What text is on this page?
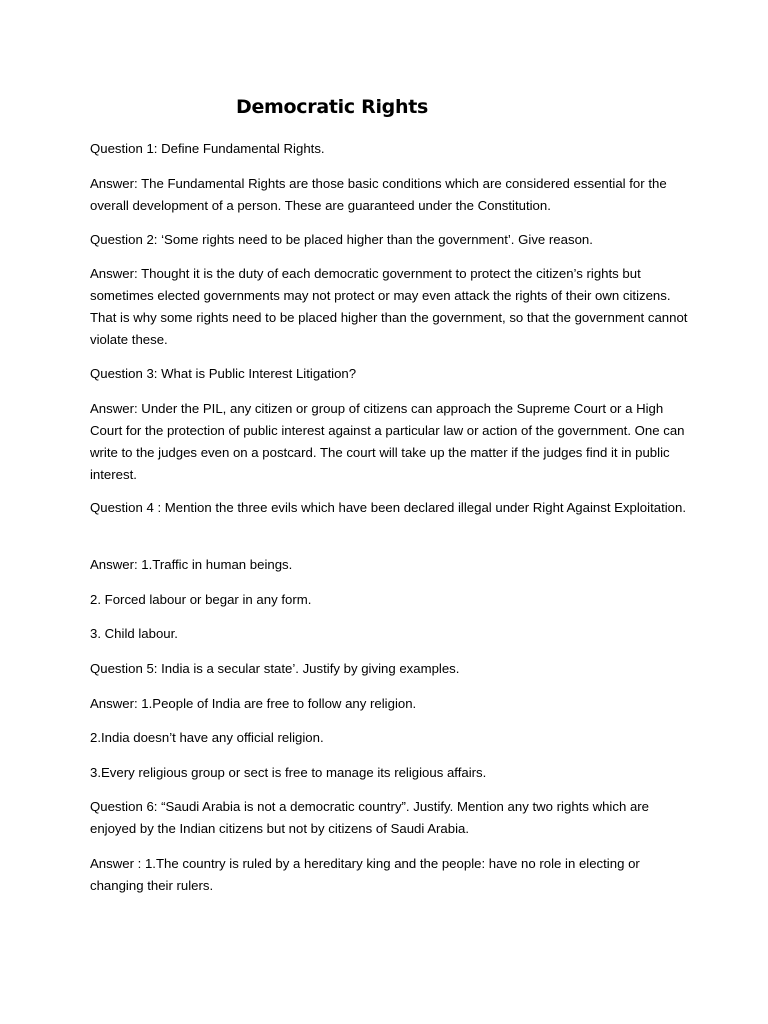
Democratic Rights

Question 1: Define Fundamental Rights.

Answer: The Fundamental Rights are those basic conditions which are considered essential for the overall development of a person. These are guaranteed under the Constitution.

Question 2: ‘Some rights need to be placed higher than the government’. Give reason.

Answer: Thought it is the duty of each democratic government to protect the citizen’s rights but sometimes elected governments may not protect or may even attack the rights of their own citizens. That is why some rights need to be placed higher than the government, so that the government cannot violate these.

Question 3: What is Public Interest Litigation?

Answer: Under the PIL, any citizen or group of citizens can approach the Supreme Court or a High Court for the protection of public interest against a particular law or action of the government. One can write to the judges even on a postcard. The court will take up the matter if the judges find it in public interest.

Question 4 : Mention the three evils which have been declared illegal under Right Against Exploitation.

Answer: 1.Traffic in human beings.

2. Forced labour or begar in any form.

3. Child labour.

Question 5: India is a secular state’. Justify by giving examples.

Answer: 1.People of India are free to follow any religion.

2.India doesn’t have any official religion.

3.Every religious group or sect is free to manage its religious affairs.

Question 6: “Saudi Arabia is not a democratic country”. Justify. Mention any two rights which are enjoyed by the Indian citizens but not by citizens of Saudi Arabia.

Answer : 1.The country is ruled by a hereditary king and the people: have no role in electing or changing their rulers.
